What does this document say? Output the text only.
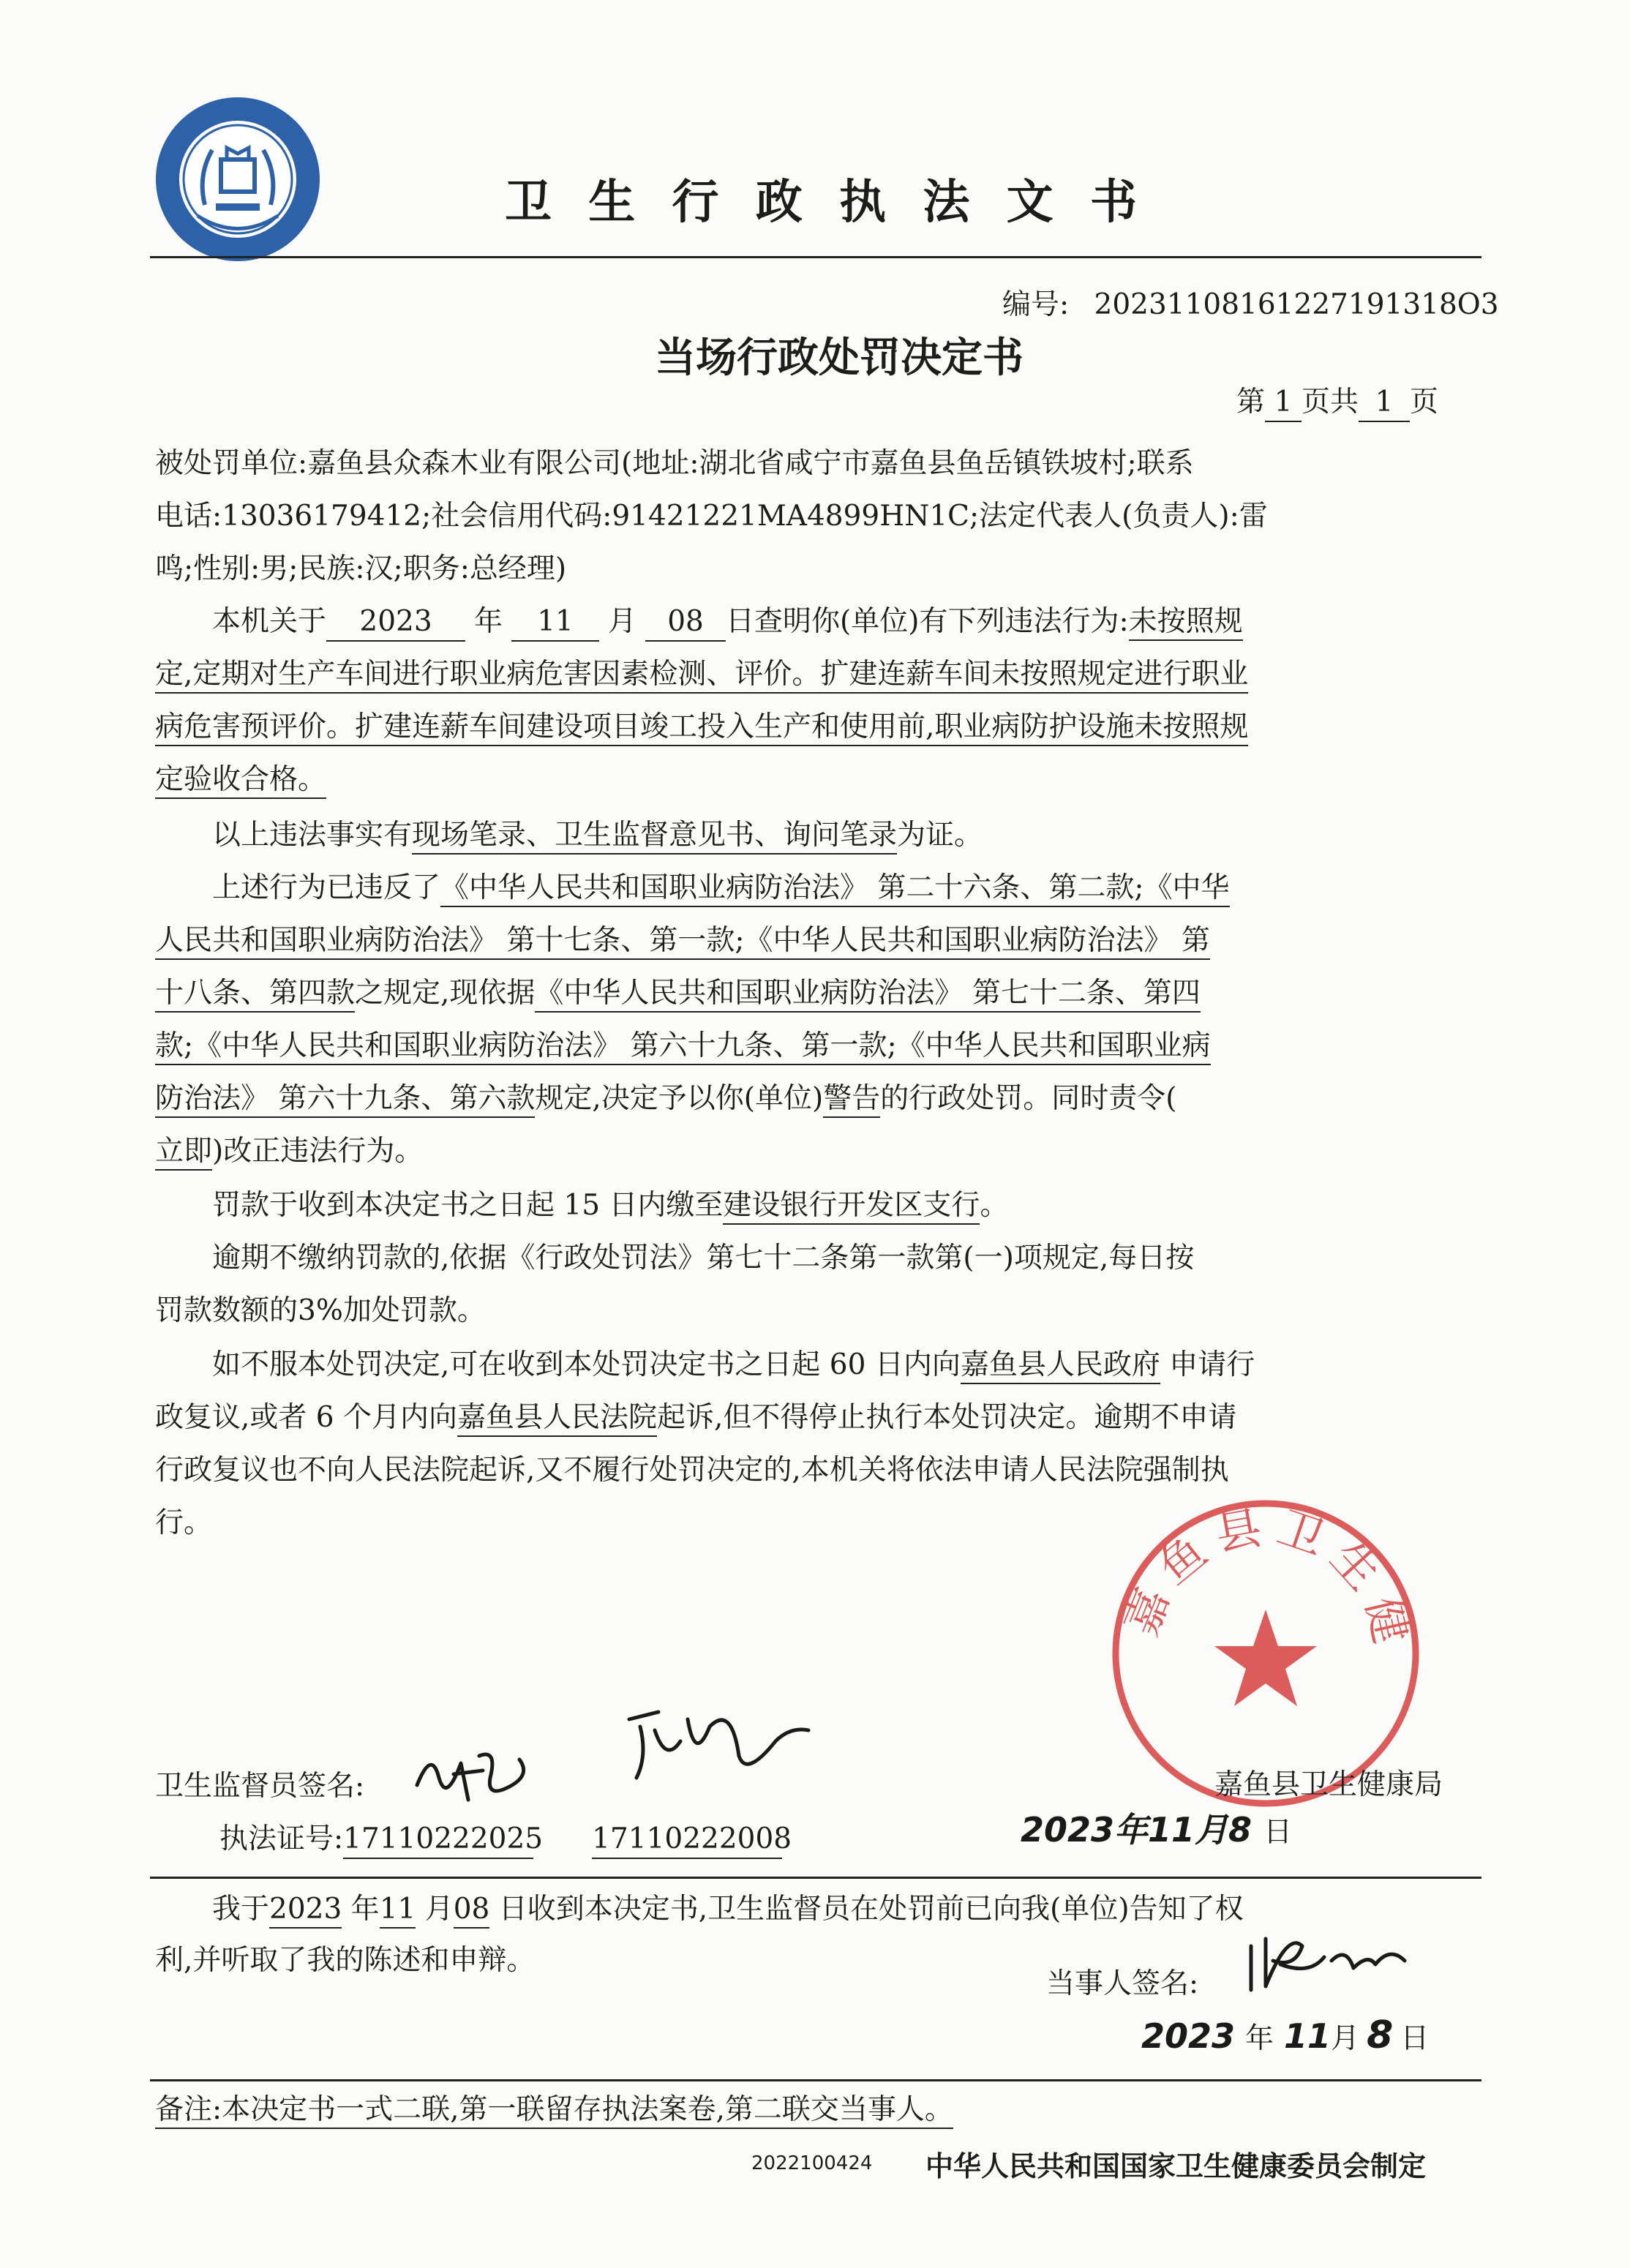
卫 生 行 政 执 法 文 书
编号: 20231108161227191318О3
当场行政处罚决定书
第 1 页共 1 页
被处罚单位:嘉鱼县众森木业有限公司(地址:湖北省咸宁市嘉鱼县鱼岳镇铁坡村;联系
电话:13036179412;社会信用代码:91421221MA4899HN1C;法定代表人(负责人):雷
鸣;性别:男;民族:汉;职务:总经理)
本机关于 2023 年 11 月 08 日查明你(单位)有下列违法行为:未按照规
定,定期对生产车间进行职业病危害因素检测、评价。扩建连薪车间未按照规定进行职业
病危害预评价。扩建连薪车间建设项目竣工投入生产和使用前,职业病防护设施未按照规
定验收合格。
以上违法事实有现场笔录、卫生监督意见书、询问笔录为证。
上述行为已违反了《中华人民共和国职业病防治法》 第二十六条、第二款;《中华
人民共和国职业病防治法》 第十七条、第一款;《中华人民共和国职业病防治法》 第
十八条、第四款之规定,现依据《中华人民共和国职业病防治法》 第七十二条、第四
款;《中华人民共和国职业病防治法》 第六十九条、第一款;《中华人民共和国职业病
防治法》 第六十九条、第六款规定,决定予以你(单位)警告的行政处罚。同时责令(
立即)改正违法行为。
罚款于收到本决定书之日起 15 日内缴至建设银行开发区支行。
逾期不缴纳罚款的,依据《行政处罚法》第七十二条第一款第(一)项规定,每日按
罚款数额的3%加处罚款。
如不服本处罚决定,可在收到本处罚决定书之日起 60 日内向嘉鱼县人民政府 申请行
政复议,或者 6 个月内向嘉鱼县人民法院起诉,但不得停止执行本处罚决定。逾期不申请
行政复议也不向人民法院起诉,又不履行处罚决定的,本机关将依法申请人民法院强制执
行。
嘉鱼县卫生健
卫生监督员签名:
执法证号:17110222025 17110222008
嘉鱼县卫生健康局
2023年11月8 日
我于2023 年11 月08 日收到本决定书,卫生监督员在处罚前已向我(单位)告知了权
利,并听取了我的陈述和申辩。
当事人签名:
2023 年 11月 8 日
备注:本决定书一式二联,第一联留存执法案卷,第二联交当事人。
2022100424 中华人民共和国国家卫生健康委员会制定
